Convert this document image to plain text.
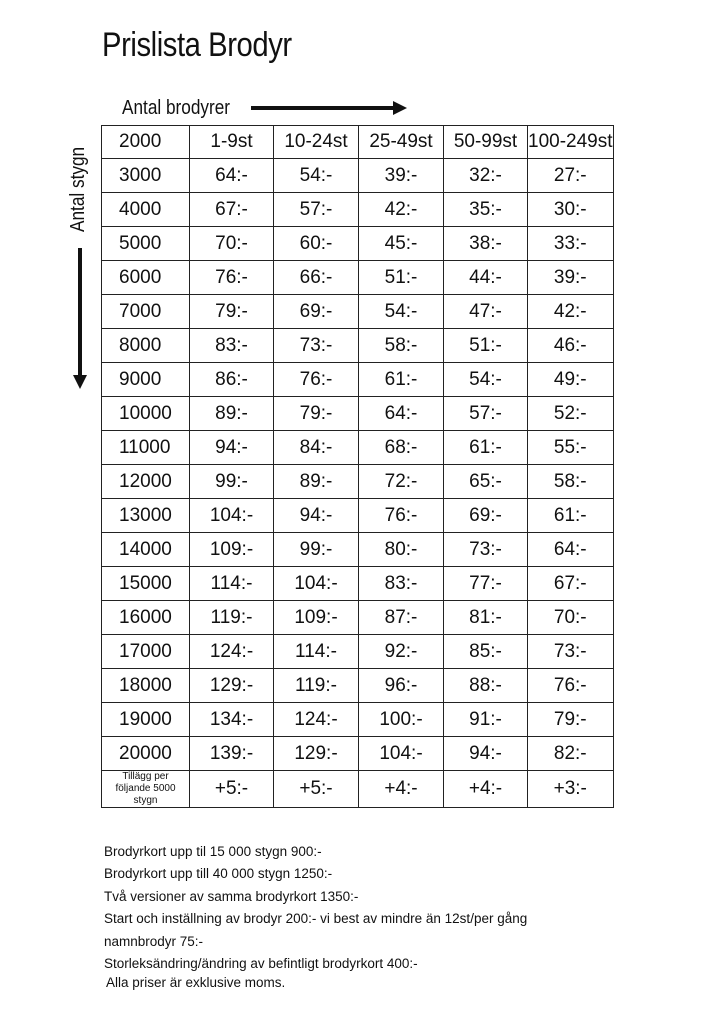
Prislista Brodyr
Antal brodyrer
Antal stygn
2000	1-9st	10-24st	25-49st	50-99st	100-249st
3000	64:-	54:-	39:-	32:-	27:-
4000	67:-	57:-	42:-	35:-	30:-
5000	70:-	60:-	45:-	38:-	33:-
6000	76:-	66:-	51:-	44:-	39:-
7000	79:-	69:-	54:-	47:-	42:-
8000	83:-	73:-	58:-	51:-	46:-
9000	86:-	76:-	61:-	54:-	49:-
10000	89:-	79:-	64:-	57:-	52:-
11000	94:-	84:-	68:-	61:-	55:-
12000	99:-	89:-	72:-	65:-	58:-
13000	104:-	94:-	76:-	69:-	61:-
14000	109:-	99:-	80:-	73:-	64:-
15000	114:-	104:-	83:-	77:-	67:-
16000	119:-	109:-	87:-	81:-	70:-
17000	124:-	114:-	92:-	85:-	73:-
18000	129:-	119:-	96:-	88:-	76:-
19000	134:-	124:-	100:-	91:-	79:-
20000	139:-	129:-	104:-	94:-	82:-
Tillägg per följande 5000 stygn	+5:-	+5:-	+4:-	+4:-	+3:-
Brodyrkort upp til 15 000 stygn 900:-
Brodyrkort upp till 40 000 stygn 1250:-
Två versioner av samma brodyrkort 1350:-
Start och inställning av brodyr 200:- vi best av mindre än 12st/per gång
namnbrodyr 75:-
Storleksändring/ändring av befintligt brodyrkort 400:-
Alla priser är exklusive moms.
